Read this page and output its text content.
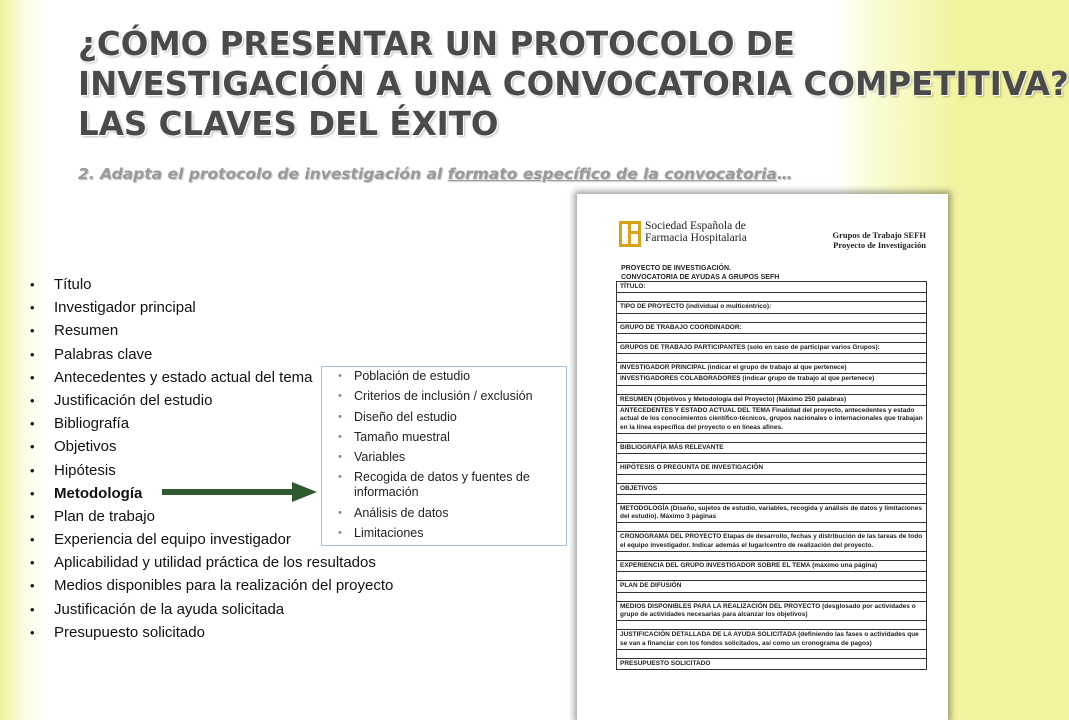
¿CÓMO PRESENTAR UN PROTOCOLO DE
INVESTIGACIÓN A UNA CONVOCATORIA COMPETITIVA?
LAS CLAVES DEL ÉXITO
2. Adapta el protocolo de investigación al formato específico de la convocatoria…
• Título
• Investigador principal
• Resumen
• Palabras clave
• Antecedentes y estado actual del tema
• Justificación del estudio
• Bibliografía
• Objetivos
• Hipótesis
• Metodología
• Plan de trabajo
• Experiencia del equipo investigador
• Aplicabilidad y utilidad práctica de los resultados
• Medios disponibles para la realización del proyecto
• Justificación de la ayuda solicitada
• Presupuesto solicitado
• Población de estudio
• Criterios de inclusión / exclusión
• Diseño del estudio
• Tamaño muestral
• Variables
• Recogida de datos y fuentes de información
• Análisis de datos
• Limitaciones
Sociedad Española de
Farmacia Hospitalaria	Grupos de Trabajo SEFH
Proyecto de Investigación
PROYECTO DE INVESTIGACIÓN.
CONVOCATORIA DE AYUDAS A GRUPOS SEFH
TÍTULO:
TIPO DE PROYECTO (individual o multicéntrico):
GRUPO DE TRABAJO COORDINADOR:
GRUPOS DE TRABAJO PARTICIPANTES (solo en caso de participar varios Grupos):
INVESTIGADOR PRINCIPAL (indicar el grupo de trabajo al que pertenece)
INVESTIGADORES COLABORADORES (indicar grupo de trabajo al que pertenece)
RESUMEN (Objetivos y Metodología del Proyecto) (Máximo 250 palabras)
ANTECEDENTES Y ESTADO ACTUAL DEL TEMA Finalidad del proyecto, antecedentes y estado actual de los conocimientos científico-técnicos, grupos nacionales o internacionales que trabajan en la línea específica del proyecto o en líneas afines.
BIBLIOGRAFÍA MÁS RELEVANTE
HIPÓTESIS O PREGUNTA DE INVESTIGACIÓN
OBJETIVOS
METODOLOGÍA (Diseño, sujetos de estudio, variables, recogida y análisis de datos y limitaciones del estudio). Máximo 3 páginas
CRONOGRAMA DEL PROYECTO Etapas de desarrollo, fechas y distribución de las tareas de todo el equipo investigador. Indicar además el lugar/centro de realización del proyecto.
EXPERIENCIA DEL GRUPO INVESTIGADOR SOBRE EL TEMA (máximo una página)
PLAN DE DIFUSIÓN
MEDIOS DISPONIBLES PARA LA REALIZACIÓN DEL PROYECTO (desglosado por actividades o grupo de actividades necesarias para alcanzar los objetivos)
JUSTIFICACIÓN DETALLADA DE LA AYUDA SOLICITADA (definiendo las fases o actividades que se van a financiar con los fondos solicitados, así como un cronograma de pagos)
PRESUPUESTO SOLICITADO
